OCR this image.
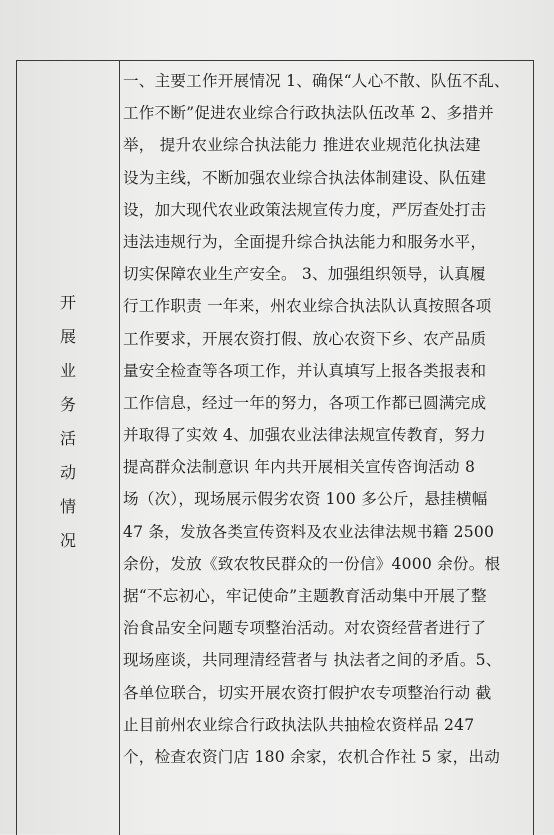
开
展
业
务
活
动
情
况
一、主要工作开展情况 1、确保“人心不散、队伍不乱、
工作不断”促进农业综合行政执法队伍改革 2、多措并
举， 提升农业综合执法能力 推进农业规范化执法建
设为主线，不断加强农业综合执法体制建设、队伍建
设，加大现代农业政策法规宣传力度，严厉查处打击
违法违规行为，全面提升综合执法能力和服务水平，
切实保障农业生产安全。 3、加强组织领导，认真履
行工作职责 一年来，州农业综合执法队认真按照各项
工作要求，开展农资打假、放心农资下乡、农产品质
量安全检查等各项工作，并认真填写上报各类报表和
工作信息，经过一年的努力，各项工作都已圆满完成
并取得了实效 4、加强农业法律法规宣传教育，努力
提高群众法制意识 年内共开展相关宣传咨询活动 8
场（次），现场展示假劣农资 100 多公斤，悬挂横幅
47 条，发放各类宣传资料及农业法律法规书籍 2500
余份，发放《致农牧民群众的一份信》4000 余份。根
据“不忘初心，牢记使命”主题教育活动集中开展了整
治食品安全问题专项整治活动。对农资经营者进行了
现场座谈，共同理清经营者与 执法者之间的矛盾。5、
各单位联合，切实开展农资打假护农专项整治行动 截
止目前州农业综合行政执法队共抽检农资样品 247
个，检查农资门店 180 余家，农机合作社 5 家，出动
